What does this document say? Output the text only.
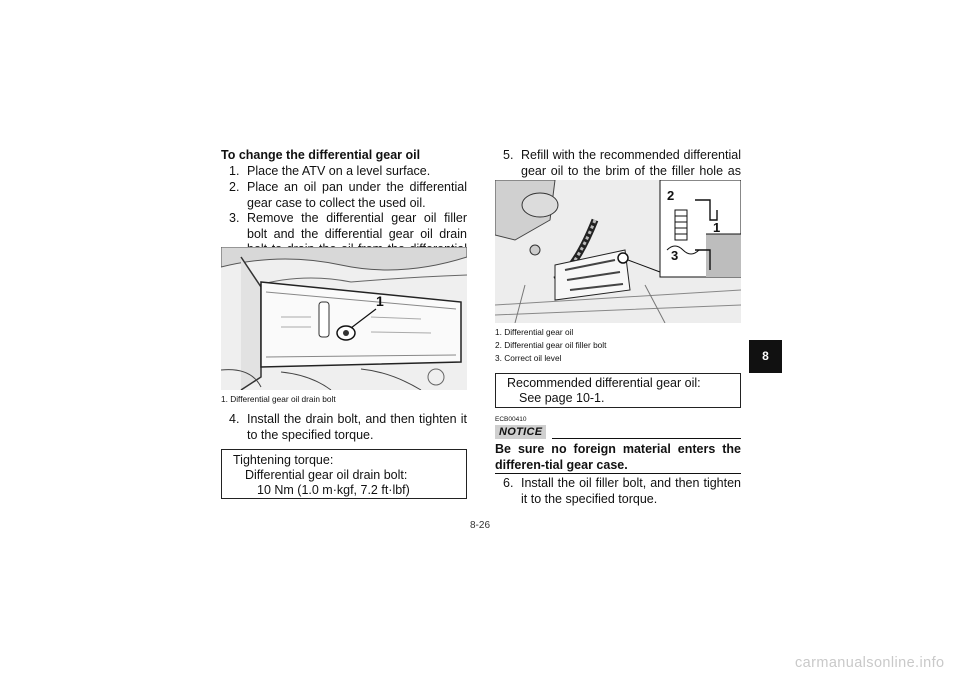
To change the differential gear oil
1. Place the ATV on a level surface.
2. Place an oil pan under the differential gear case to collect the used oil.
3. Remove the differential gear oil filler bolt and the differential gear oil drain
1
1. Differential gear oil drain bolt
4. Install the drain bolt, and then tighten it to the specified torque.
Tightening torque:
Differential gear oil drain bolt:
10 Nm (1.0 m·kgf, 7.2 ft·lbf)
5. Refill with the recommended differential gear oil to the brim of the filler hole as
2
1
3
1. Differential gear oil
2. Differential gear oil filler bolt
3. Correct oil level
Recommended differential gear oil:
See page 10-1.
ECB00410
NOTICE
Be sure no foreign material enters the differen-tial gear case.
6. Install the oil filler bolt, and then tighten it to the specified torque.
8
8-26
carmanualsonline.info
